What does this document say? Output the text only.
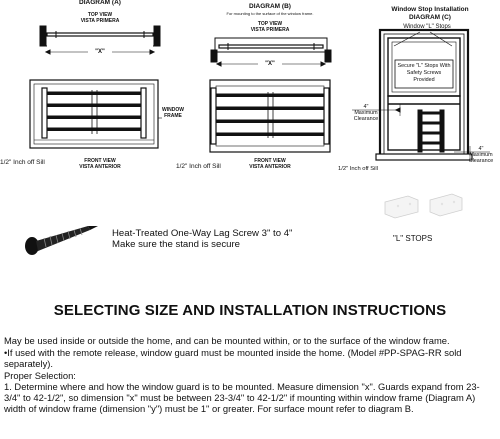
DIAGRAM (A)
TOP VIEW
VISTA PRIMERA
"X"
WINDOW FRAME
FRONT VIEW
VISTA ANTERIOR
1/2" Inch off Sill
DIAGRAM (B)
For mounting to the surface of the window frame.
TOP VIEW
VISTA PRIMERA
"X"
FRONT VIEW
VISTA ANTERIOR
1/2" Inch off Sill
Window Stop Installation
DIAGRAM (C)
Window "L" Stops
Secure "L" Stops With Safety Screws Provided
4"
Maximum Clearance
4"
Maximum Clearance
1/2" Inch off Sill
Heat-Treated One-Way Lag Screw 3" to 4"
Make sure the stand is secure
"L" STOPS
SELECTING SIZE AND INSTALLATION INSTRUCTIONS
May be used inside or outside the home, and can be mounted within, or to the surface of the window frame.
•If used with the remote release, window guard must be mounted inside the home. (Model #PP-SPAG-RR sold separately).
Proper Selection:
1. Determine where and how the window guard is to be mounted. Measure dimension "x". Guards expand from 23-3/4" to 42-1/2", so dimension "x" must be between 23-3/4" to 42-1/2" if mounting within window frame (Diagram A) width of window frame (dimension "y") must be 1" or greater. For surface mount refer to diagram B.
